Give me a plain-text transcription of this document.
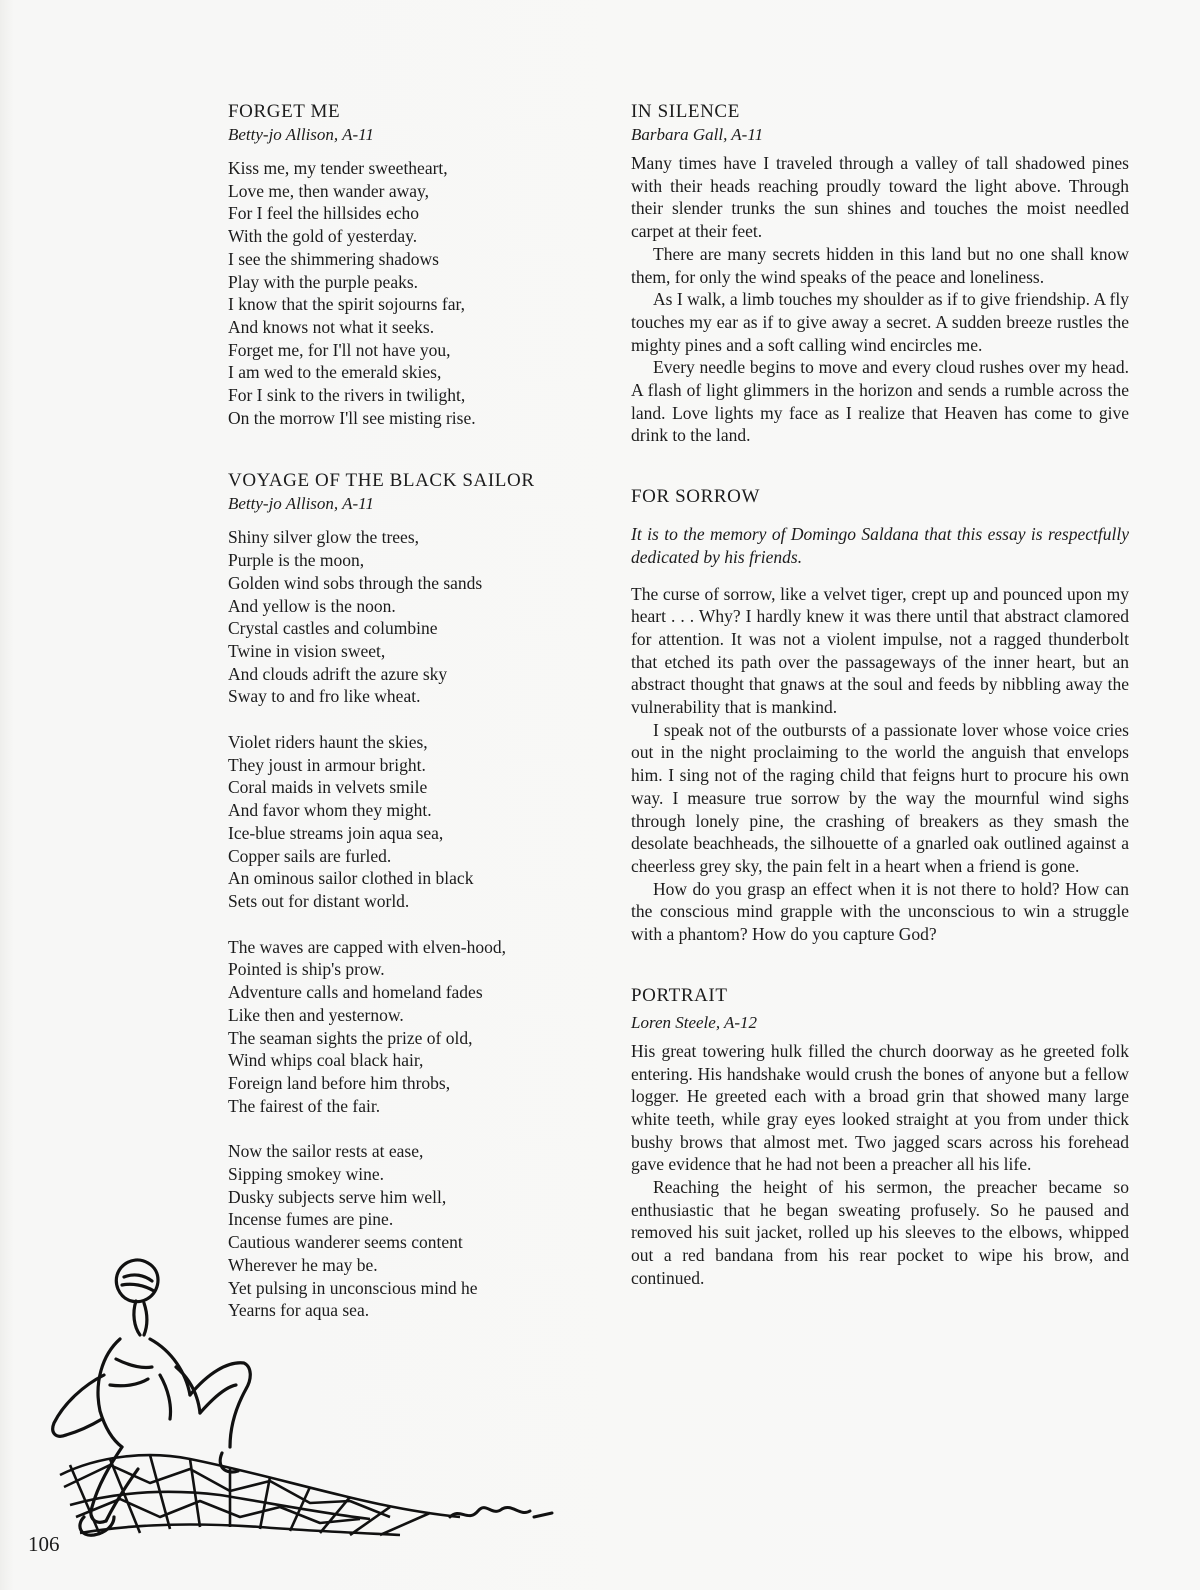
FORGET ME
Betty-jo Allison, A-11
Kiss me, my tender sweetheart,
Love me, then wander away,
For I feel the hillsides echo
With the gold of yesterday.
I see the shimmering shadows
Play with the purple peaks.
I know that the spirit sojourns far,
And knows not what it seeks.
Forget me, for I'll not have you,
I am wed to the emerald skies,
For I sink to the rivers in twilight,
On the morrow I'll see misting rise.
VOYAGE OF THE BLACK SAILOR
Betty-jo Allison, A-11
Shiny silver glow the trees,
Purple is the moon,
Golden wind sobs through the sands
And yellow is the noon.
Crystal castles and columbine
Twine in vision sweet,
And clouds adrift the azure sky
Sway to and fro like wheat.
Violet riders haunt the skies,
They joust in armour bright.
Coral maids in velvets smile
And favor whom they might.
Ice-blue streams join aqua sea,
Copper sails are furled.
An ominous sailor clothed in black
Sets out for distant world.
The waves are capped with elven-hood,
Pointed is ship's prow.
Adventure calls and homeland fades
Like then and yesternow.
The seaman sights the prize of old,
Wind whips coal black hair,
Foreign land before him throbs,
The fairest of the fair.
Now the sailor rests at ease,
Sipping smokey wine.
Dusky subjects serve him well,
Incense fumes are pine.
Cautious wanderer seems content
Wherever he may be.
Yet pulsing in unconscious mind he
Yearns for aqua sea.
IN SILENCE
Barbara Gall, A-11

Many times have I traveled through a valley of tall shadowed pines with their heads reaching proudly toward the light above. Through their slender trunks the sun shines and touches the moist needled carpet at their feet.

There are many secrets hidden in this land but no one shall know them, for only the wind speaks of the peace and loneliness.

As I walk, a limb touches my shoulder as if to give friendship. A fly touches my ear as if to give away a secret. A sudden breeze rustles the mighty pines and a soft calling wind encircles me.

Every needle begins to move and every cloud rushes over my head. A flash of light glimmers in the horizon and sends a rumble across the land. Love lights my face as I realize that Heaven has come to give drink to the land.

FOR SORROW
It is to the memory of Domingo Saldana that this essay is respectfully dedicated by his friends.

The curse of sorrow, like a velvet tiger, crept up and pounced upon my heart . . . Why? I hardly knew it was there until that abstract clamored for attention. It was not a violent impulse, not a ragged thunderbolt that etched its path over the passageways of the inner heart, but an abstract thought that gnaws at the soul and feeds by nibbling away the vulnerability that is mankind.

I speak not of the outbursts of a passionate lover whose voice cries out in the night proclaiming to the world the anguish that envelops him. I sing not of the raging child that feigns hurt to procure his own way. I measure true sorrow by the way the mournful wind sighs through lonely pine, the crashing of breakers as they smash the desolate beachheads, the silhouette of a gnarled oak outlined against a cheerless grey sky, the pain felt in a heart when a friend is gone.

How do you grasp an effect when it is not there to hold? How can the conscious mind grapple with the unconscious to win a struggle with a phantom? How do you capture God?

PORTRAIT
Loren Steele, A-12

His great towering hulk filled the church doorway as he greeted folk entering. His handshake would crush the bones of anyone but a fellow logger. He greeted each with a broad grin that showed many large white teeth, while gray eyes looked straight at you from under thick bushy brows that almost met. Two jagged scars across his forehead gave evidence that he had not been a preacher all his life.

Reaching the height of his sermon, the preacher became so enthusiastic that he began sweating profusely. So he paused and removed his suit jacket, rolled up his sleeves to the elbows, whipped out a red bandana from his rear pocket to wipe his brow, and continued.

106
